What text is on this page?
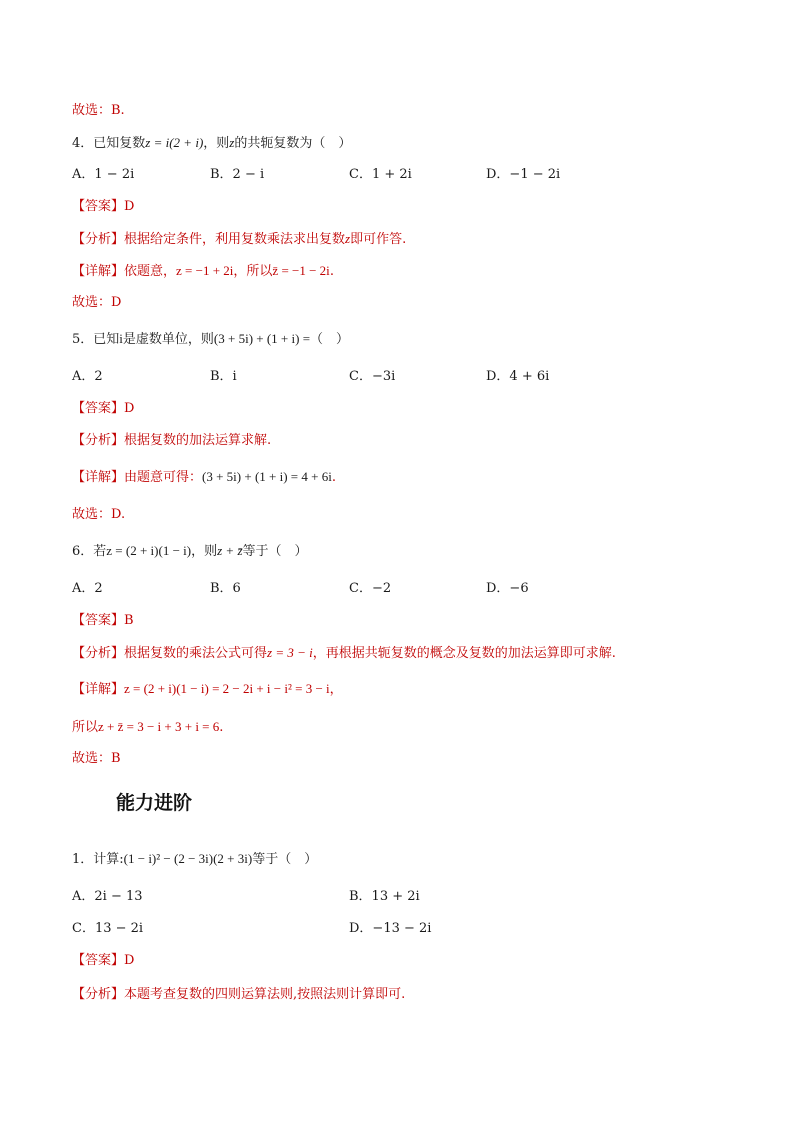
故选：B.
4．已知复数z = i(2 + i)，则z的共轭复数为（　）
A．1 − 2i	B．2 − i	C．1 + 2i	D．−1 − 2i
【答案】D
【分析】根据给定条件，利用复数乘法求出复数z即可作答.
【详解】依题意，z = −1 + 2i，所以z̄ = −1 − 2i.
故选：D
5．已知i是虚数单位，则(3 + 5i) + (1 + i) =（　）
A．2	B．i	C．−3i	D．4 + 6i
【答案】D
【分析】根据复数的加法运算求解.
【详解】由题意可得：(3 + 5i) + (1 + i) = 4 + 6i.
故选：D.
6．若z = (2 + i)(1 − i)，则z + z̄等于（　）
A．2	B．6	C．−2	D．−6
【答案】B
【分析】根据复数的乘法公式可得z = 3 − i，再根据共轭复数的概念及复数的加法运算即可求解.
【详解】z = (2 + i)(1 − i) = 2 − 2i + i − i² = 3 − i，
所以z + z̄ = 3 − i + 3 + i = 6.
故选：B
能力进阶
1．计算:(1 − i)² − (2 − 3i)(2 + 3i)等于（　）
A．2i − 13	B．13 + 2i
C．13 − 2i	D．−13 − 2i
【答案】D
【分析】本题考查复数的四则运算法则,按照法则计算即可.
